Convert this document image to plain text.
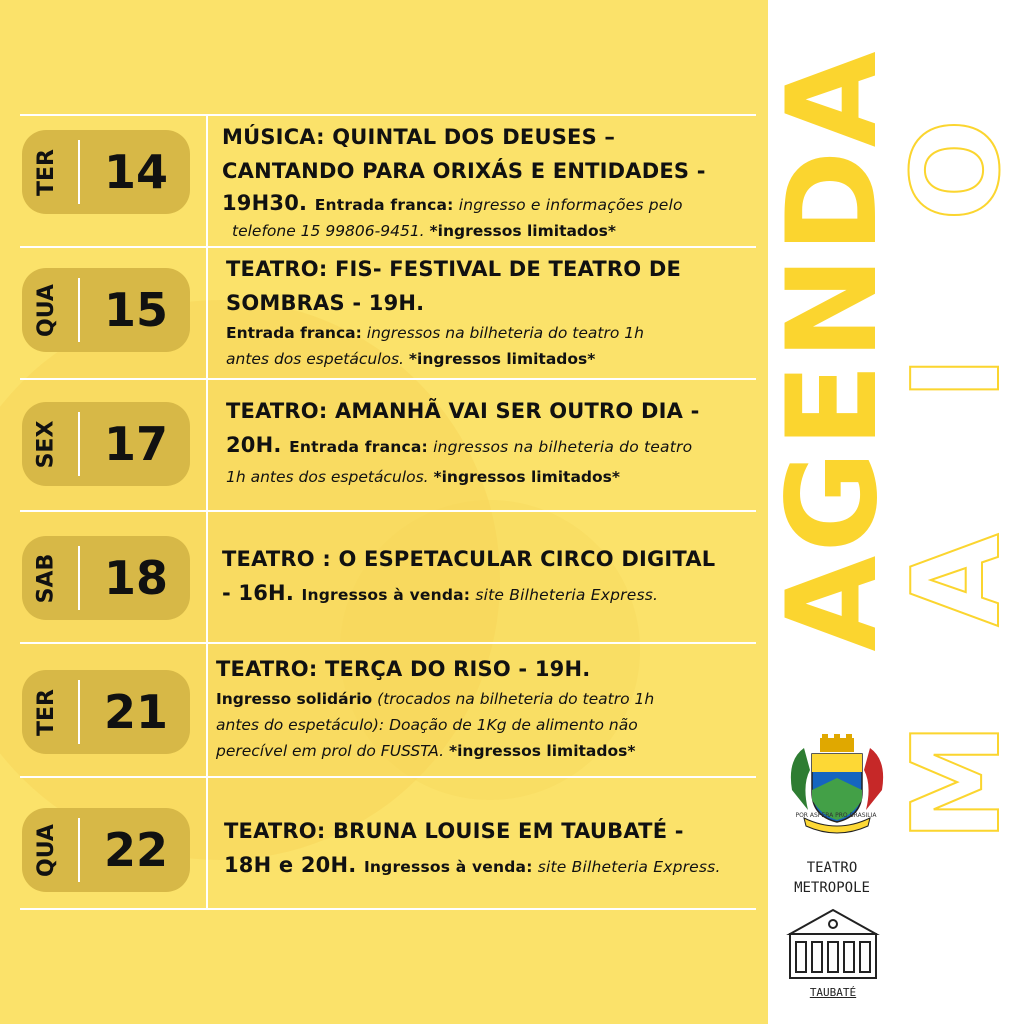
AGENDA
O
I
A
M
TER 14
MÚSICA: QUINTAL DOS DEUSES –
CANTANDO PARA ORIXÁS E ENTIDADES -
19H30. Entrada franca: ingresso e informações pelo
telefone 15 99806-9451. *ingressos limitados*
QUA 15
TEATRO: FIS- FESTIVAL DE TEATRO DE
SOMBRAS - 19H.
Entrada franca: ingressos na bilheteria do teatro 1h
antes dos espetáculos. *ingressos limitados*
SEX 17
TEATRO: AMANHÃ VAI SER OUTRO DIA -
20H. Entrada franca: ingressos na bilheteria do teatro
1h antes dos espetáculos. *ingressos limitados*
SAB 18	TEATRO : O ESPETACULAR CIRCO DIGITAL
- 16H. Ingressos à venda: site Bilheteria Express.
TER 21
TEATRO: TERÇA DO RISO - 19H.
Ingresso solidário (trocados na bilheteria do teatro 1h
antes do espetáculo): Doação de 1Kg de alimento não
perecível em prol do FUSSTA. *ingressos limitados*
QUA 22	TEATRO: BRUNA LOUISE EM TAUBATÉ -
18H e 20H. Ingressos à venda: site Bilheteria Express.
POR ASPERA PRO BRASILIA
TEATRO
METROPOLE
TAUBATÉ
